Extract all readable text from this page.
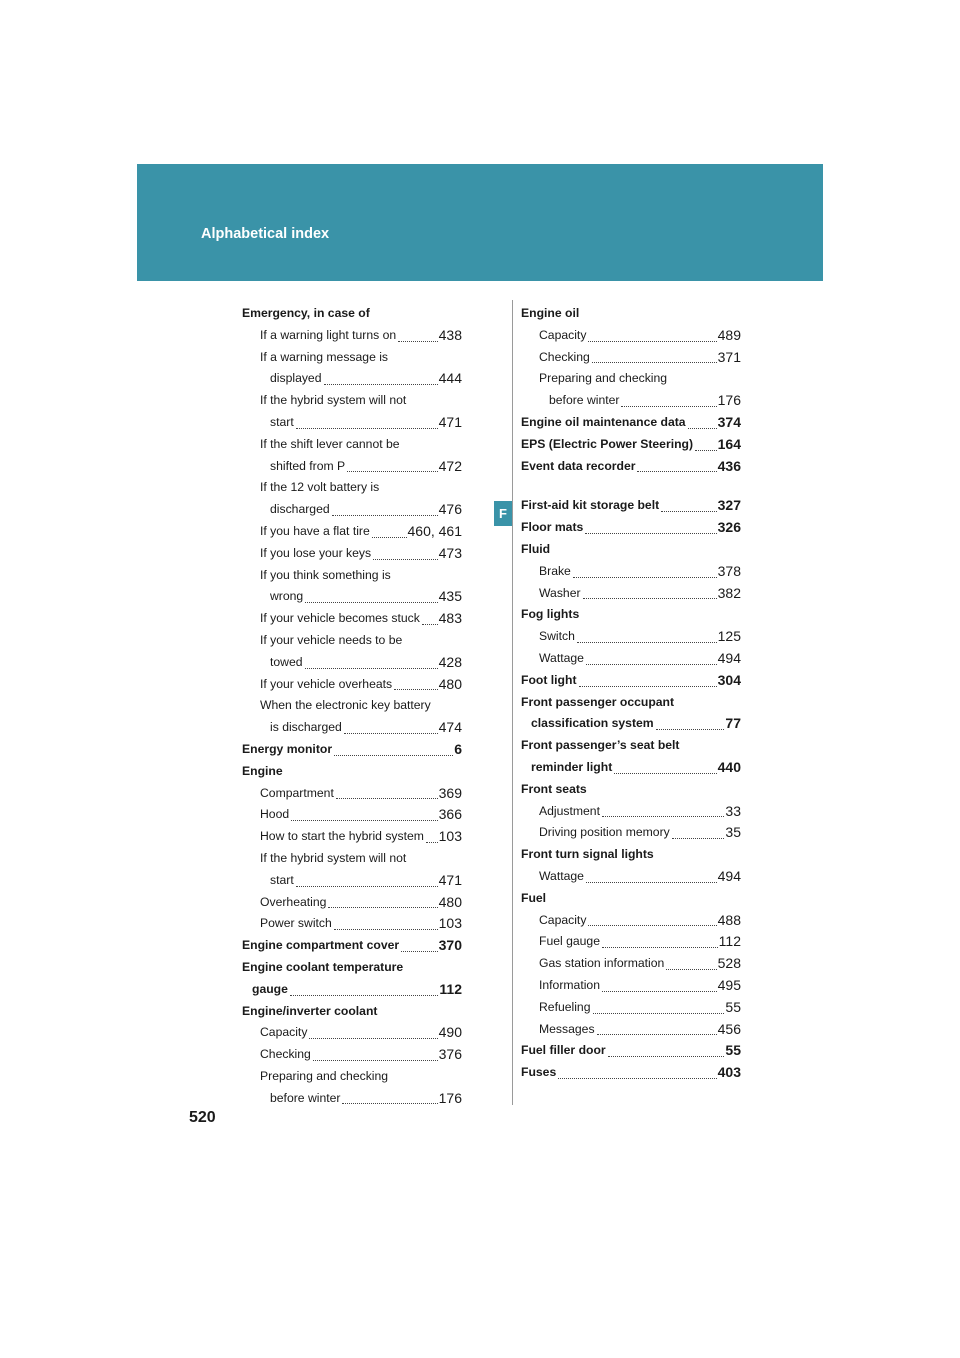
Alphabetical index
Emergency, in case of
If a warning light turns on	438
If a warning message is
displayed	444
If the hybrid system will not
start	471
If the shift lever cannot be
shifted from P	472
If the 12 volt battery is
discharged	476
If you have a flat tire	460, 461
If you lose your keys	473
If you think something is
wrong	435
If your vehicle becomes stuck 483
If your vehicle needs to be
towed	428
If your vehicle overheats	480
When the electronic key battery
is discharged	474
Energy monitor	6
Engine
Compartment	369
Hood	366
How to start the hybrid system 103
If the hybrid system will not
start	471
Overheating	480
Power switch	103
Engine compartment cover	370
Engine coolant temperature
gauge	112
Engine/inverter coolant
Capacity	490
Checking	376
Preparing and checking
before winter	176
F
Engine oil
Capacity	489
Checking	371
Preparing and checking
before winter	176
Engine oil maintenance data 374
EPS (Electric Power Steering) 164
Event data recorder	436
First-aid kit storage belt	327
Floor mats	326
Fluid
Brake	378
Washer	382
Fog lights
Switch	125
Wattage	494
Foot light	304
Front passenger occupant
classification system	77
Front passenger’s seat belt
reminder light	440
Front seats
Adjustment	33
Driving position memory	35
Front turn signal lights
Wattage	494
Fuel
Capacity	488
Fuel gauge	112
Gas station information	528
Information	495
Refueling	55
Messages	456
Fuel filler door	55
Fuses	403
520
